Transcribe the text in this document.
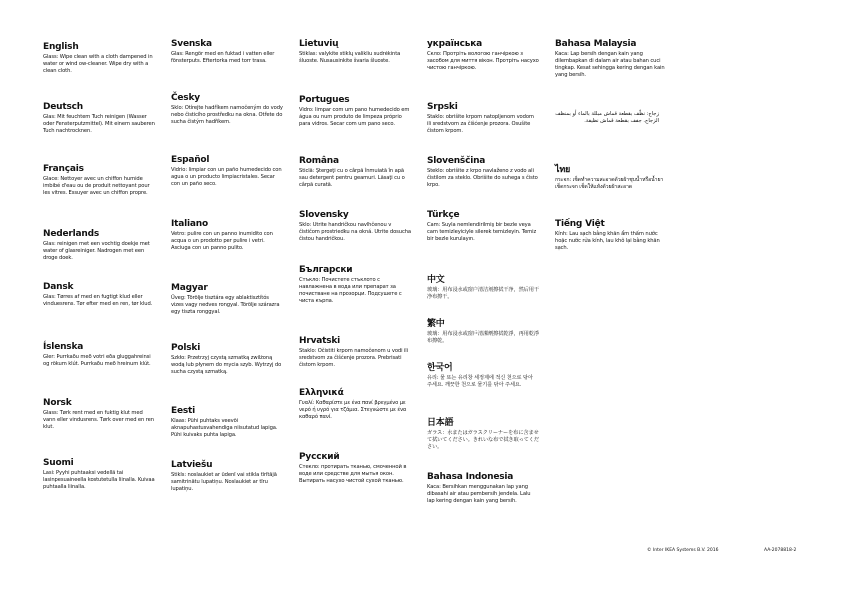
English
Glass: Wipe clean with a cloth dampened in water or wind ow-cleaner. Wipe dry with a clean cloth.
Deutsch
Glas: Mit feuchtem Tuch reinigen (Wasser oder Fensterputzmittel). Mit einem sauberen Tuch nachtrocknen.
Français
Glace: Nettoyer avec un chiffon humide imbibé d'eau ou de produit nettoyant pour les vitres. Essuyer avec un chiffon propre.
Nederlands
Glas: reinigen met een vochtig doekje met water of glasreiniger. Nadrogen met een droge doek.
Dansk
Glas: Tørres af med en fugtigt klud eller vinduesrens. Tør efter med en ren, tør klud.
Íslenska
Gler: Þurrkaðu með votri eða gluggahreinsi og rökum klút. Þurrkaðu með hreinum klút.
Norsk
Glass: Tørk rent med en fuktig klut med vann eller vindusrens. Tørk over med en ren klut.
Suomi
Lasi: Pyyhi puhtaaksi vedellä tai lasinpesuaineella kostutetulla liinalla. Kuivaa puhtaalla liinalla.
Svenska
Glas: Rengör med en fuktad i vatten eller fönsterputs. Eftertorka med torr trasa.
Česky
Sklo: Otírejte hadříkem namočeným do vody nebo čisticího prostředku na okna. Otřete do sucha čistým hadříkem.
Español
Vidrio: limpiar con un paño humedecido con agua o un producto limpiacristales. Secar con un paño seco.
Italiano
Vetro: pulire con un panno inumidito con acqua o un prodotto per pulire i vetri. Asciuga con un panno pulito.
Magyar
Üveg: Törölje tisztára egy ablaktisztítós vizes vagy nedves rongyal. Törölje szárazra egy tiszta ronggyal.
Polski
Szkło: Przetrzyj czystą szmatką zwilżoną wodą lub płynem do mycia szyb. Wytrzyj do sucha czystą szmatką.
Eesti
Klaas: Pühi puhtaks veevõi aknapuhastusvahendiga niisutatud lapiga. Pühi kuivaks puhta lapiga.
Latviešu
Stikls: noslaukiet ar ūdenī vai stikla tīrītājā samitrinātu lupatiņu. Noslaukiet ar tīru lupatiņu.
Lietuvių
Stiklas: valykite stiklų valikliu sudrėkinta šluoste. Nusausinkite švaria šluoste.
Portugues
Vidro: limpar com um pano humedecido em água ou num produto de limpeza próprio para vidros. Secar com um pano seco.
Româna
Sticlă: Ştergeţi cu o cârpă înmuiată în apă sau detergent pentru geamuri. Lăsaţi cu o cârpă curată.
Slovensky
Sklo: Utrite handričkou navlhčenou v čističom prostriedku na okná. Utrite dosucha čistou handričkou.
Български
Стъкло: Почистете стъклото с навлажнена в вода или препарат за почистване на прозорци. Подсушете с чиста кърпа.
Hrvatski
Staklo: Očistiti krpom namočenom u vodi ili sredstvom za čišćenje prozora. Prebrisati čistom krpom.
Ελληνικά
Γυαλί: Καθαρίστε με ένα πανί βρεγμένο με νερό ή υγρό για τζάμια. Στεγνώστε με ένα καθαρό πανί.
Русский
Стекло: протирать тканью, смоченной в воде или средстве для мытья окон. Вытирать насухо чистой сухой тканью.
українська
Скло: Протріть вологою ганчіркою з засобом для миття вікон. Протріть насухо чистою ганчіркою.
Srpski
Staklo: obrišite krpom natopljenom vodom ili sredstvom za čišćenje prozora. Osušite čistom krpom.
Slovenščina
Steklo: obrišite z krpo navlaženo z vodo ali čistilom za steklo. Obrišite do suhega s čisto krpo.
Türkçe
Cam: Suyla nemlendirilmiş bir bezle veya cam temizleyiciyle silerek temizleyin. Temiz bir bezle kurulayın.
中文
玻璃：用布浸水或窗户清洁剂擦拭干净，然后用干净布擦干。
繁中
玻璃：用布浸水或窗戶清潔劑擦拭乾淨，再用乾淨布擦乾。
한국어
유리: 물 또는 유리창 세정제에 적신 천으로 닦아 주세요. 깨끗한 천으로 물기를 닦아 주세요.
日本語
ガラス：水またはガラスクリーナーを布に含ませて拭いてください。きれいな布で拭き取ってください。
Bahasa Indonesia
Kaca: Bersihkan menggunakan lap yang dibasahi air atau pembersih jendela. Lalu lap kering dengan kain yang bersih.
Bahasa Malaysia
Kaca: Lap bersih dengan kain yang dilembapkan di dalam air atau bahan cuci tingkap. Kesat sehingga kering dengan kain yang bersih.
زجاج: نظّف بقطعة قماش مبللة بالماء أو بمنظف الزجاج. جفف بقطعة قماش نظيفة.
ไทย
กระจก: เช็ดทำความสะอาดด้วยผ้าชุบน้ำหรือน้ำยาเช็ดกระจก เช็ดให้แห้งด้วยผ้าสะอาด
Tiếng Việt
Kính: Lau sạch bằng khăn ẩm thấm nước hoặc nước rửa kính, lau khô lại bằng khăn sạch.
© Inter IKEA Systems B.V. 2016	AA-2078818-2
